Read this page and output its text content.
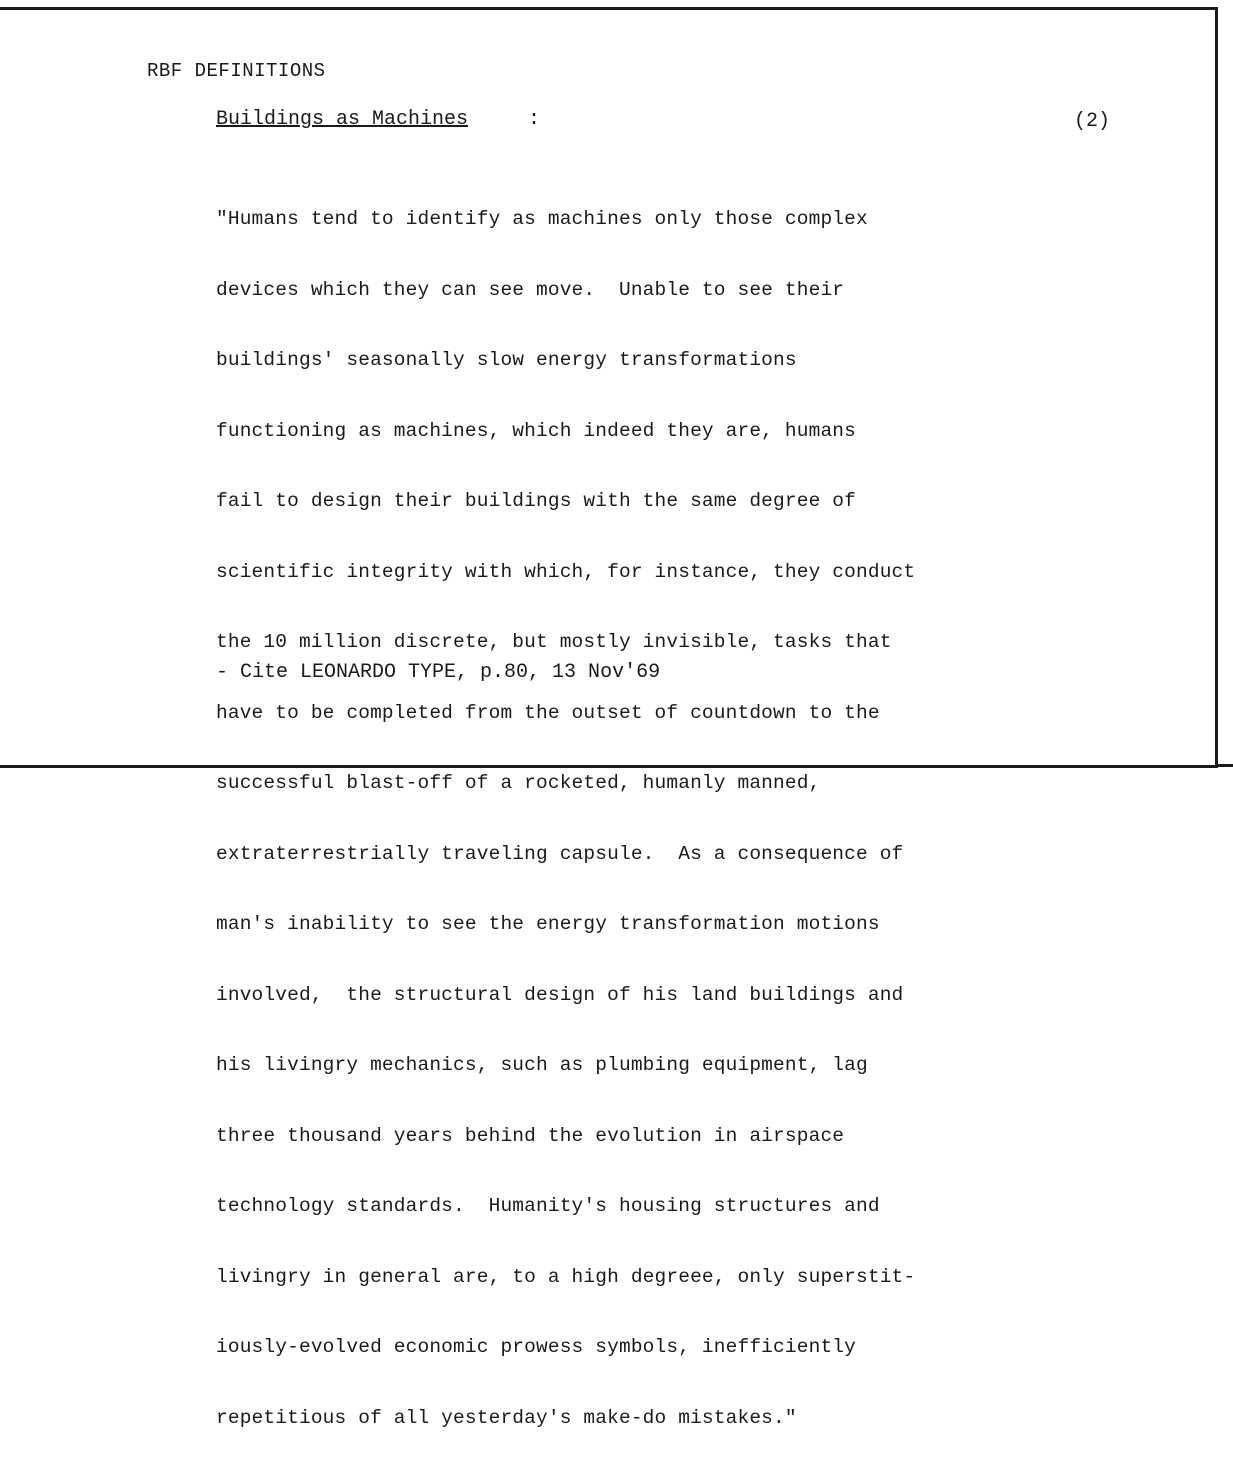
RBF DEFINITIONS
Buildings as Machines	:	(2)

"Humans tend to identify as machines only those complex

devices which they can see move.  Unable to see their

buildings' seasonally slow energy transformations

functioning as machines, which indeed they are, humans

fail to design their buildings with the same degree of

scientific integrity with which, for instance, they conduct

the 10 million discrete, but mostly invisible, tasks that

have to be completed from the outset of countdown to the

successful blast-off of a rocketed, humanly manned,

extraterrestrially traveling capsule.  As a consequence of

man's inability to see the energy transformation motions

involved,  the structural design of his land buildings and

his livingry mechanics, such as plumbing equipment, lag

three thousand years behind the evolution in airspace

technology standards.  Humanity's housing structures and

livingry in general are, to a high degreee, only superstit-

iously-evolved economic prowess symbols, inefficiently

repetitious of all yesterday's make-do mistakes."

- Cite LEONARDO TYPE, p.80, 13 Nov'69
